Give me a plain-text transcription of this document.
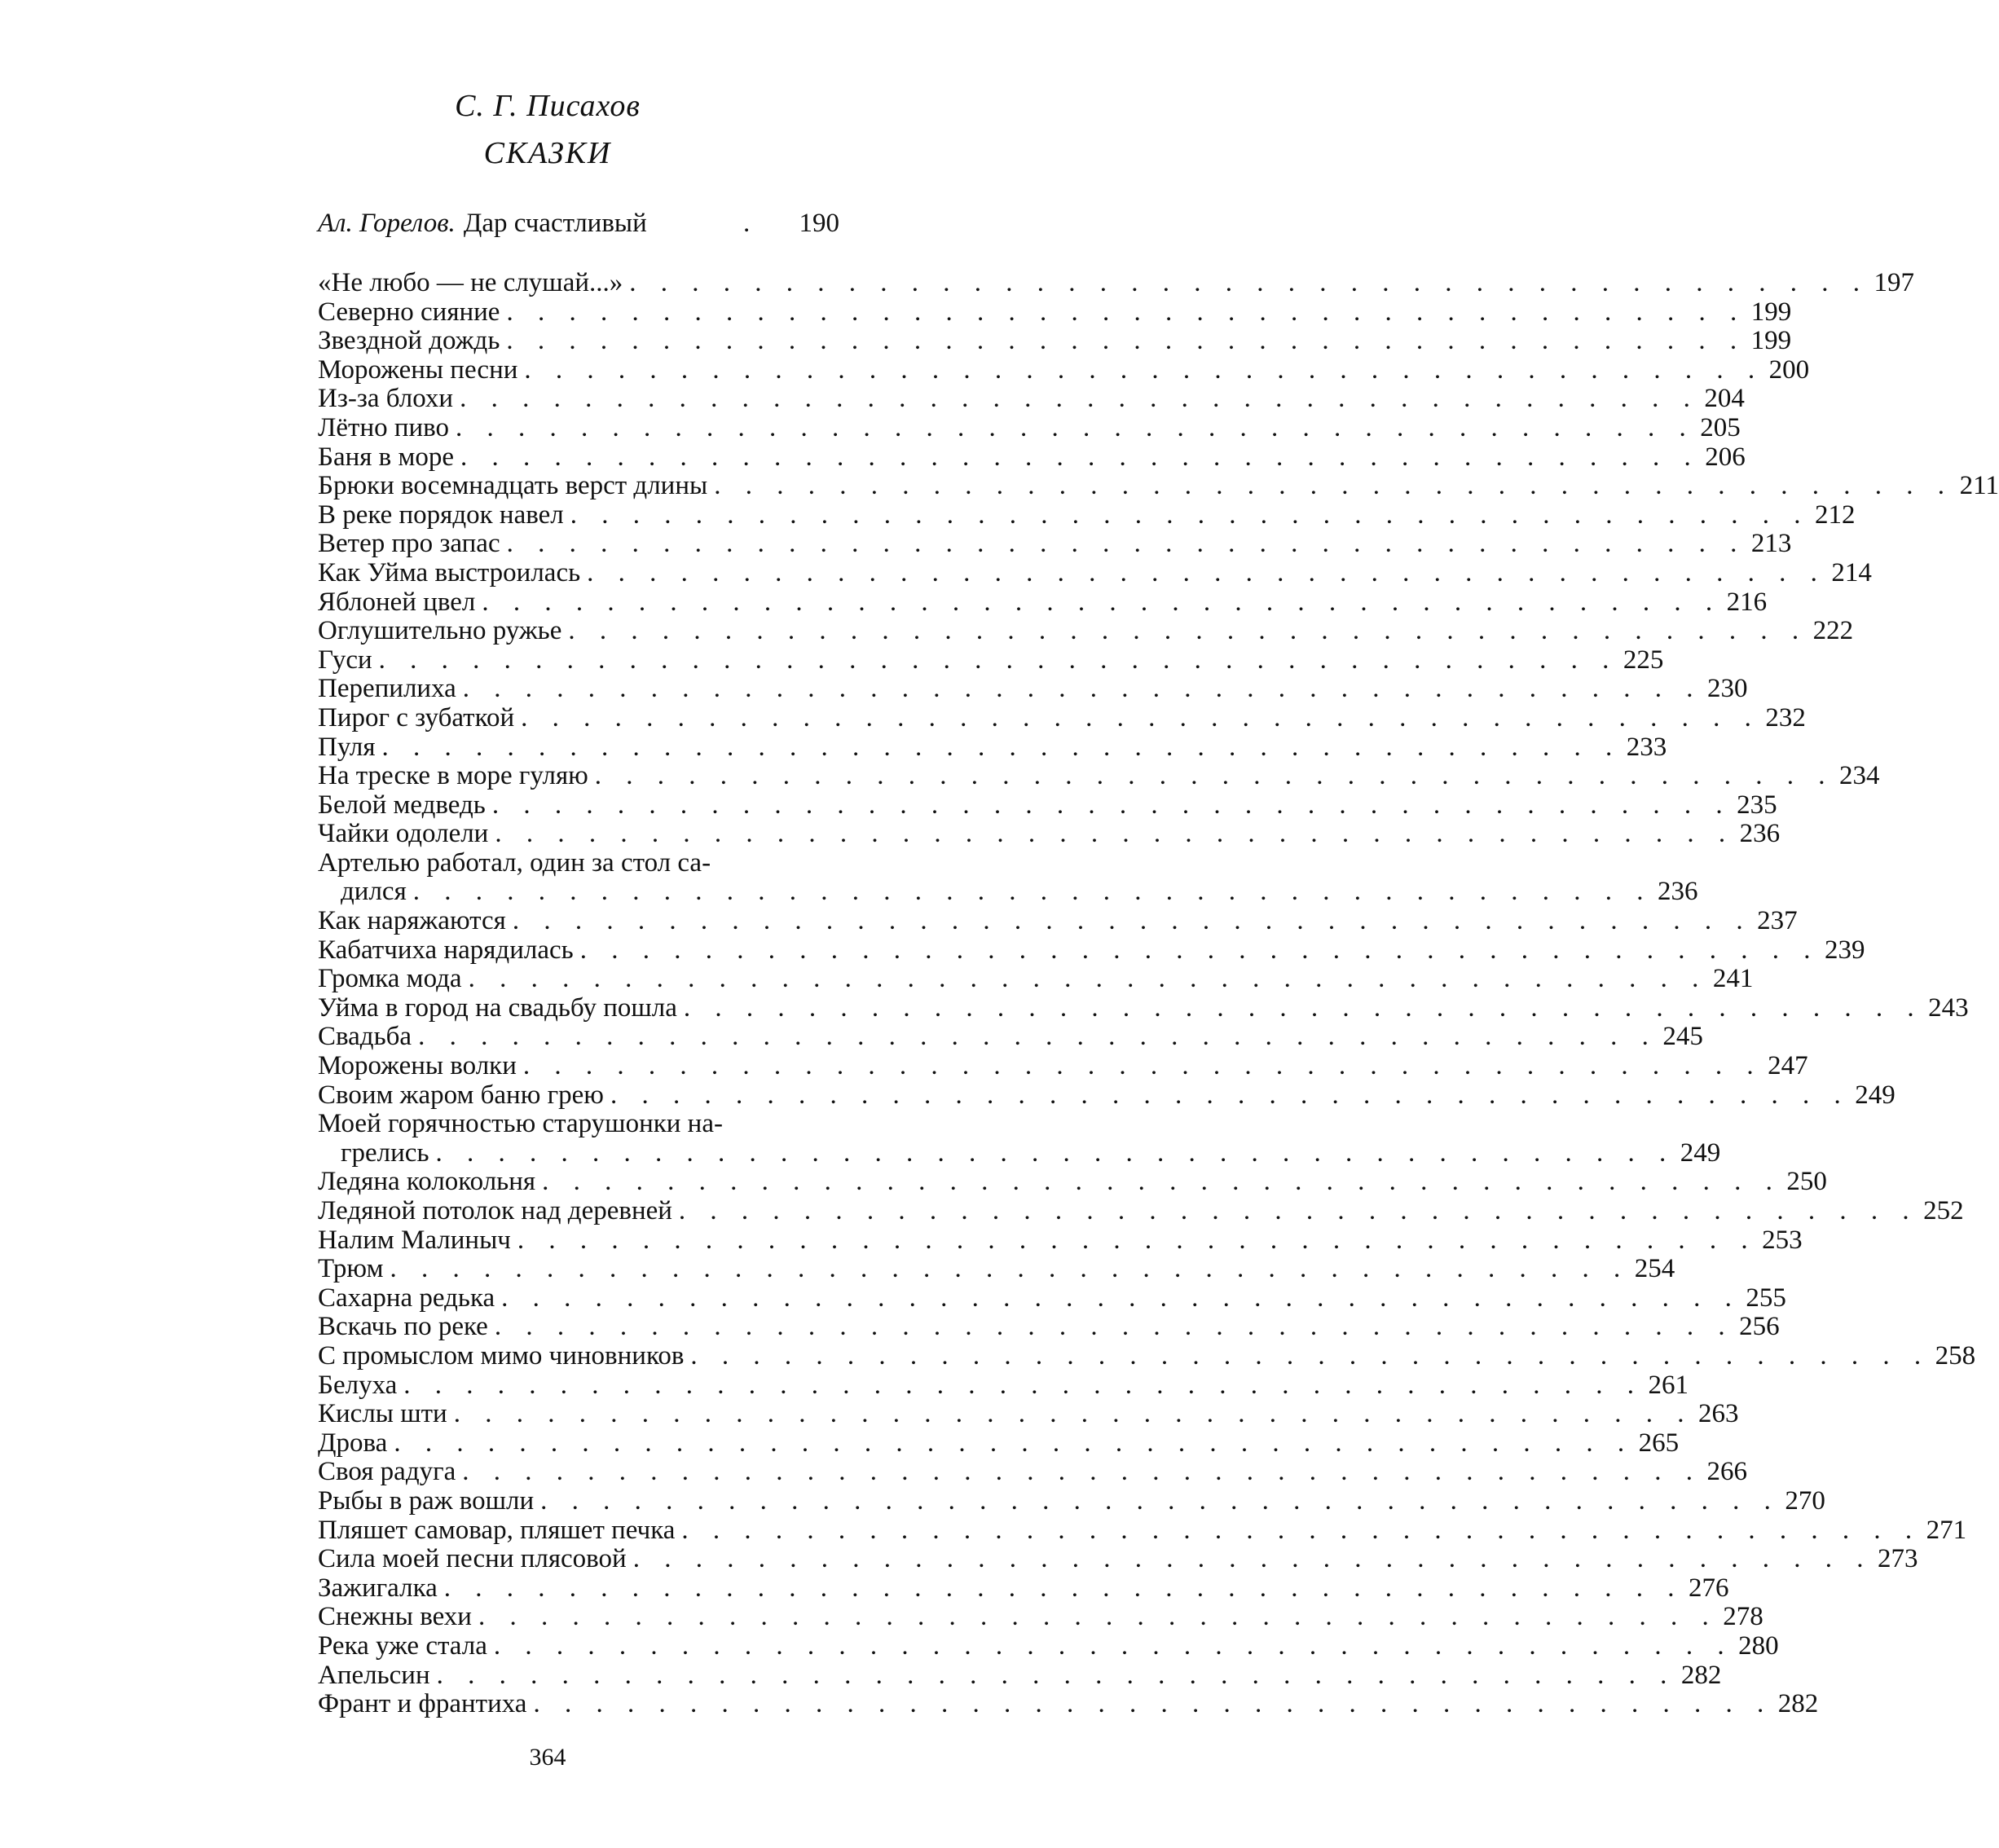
С. Г. Писахов
СКАЗКИ
Ал. Горелов. Дар счастливый	.	190
«Не любо — не слушай...» . . . . . . . . . . . . . . . . . . . . . . . . . . . . . . . . . . . . . . . . 197
Северно сияние . . . . . . . . . . . . . . . . . . . . . . . . . . . . . . . . . . . . . . . . 199
Звездной дождь . . . . . . . . . . . . . . . . . . . . . . . . . . . . . . . . . . . . . . . . 199
Морожены песни . . . . . . . . . . . . . . . . . . . . . . . . . . . . . . . . . . . . . . . . 200
Из-за блохи . . . . . . . . . . . . . . . . . . . . . . . . . . . . . . . . . . . . . . . . 204
Лётно пиво . . . . . . . . . . . . . . . . . . . . . . . . . . . . . . . . . . . . . . . . 205
Баня в море . . . . . . . . . . . . . . . . . . . . . . . . . . . . . . . . . . . . . . . . 206
Брюки восемнадцать верст длины . . . . . . . . . . . . . . . . . . . . . . . . . . . . . . . . . . . . . . . . 211
В реке порядок навел . . . . . . . . . . . . . . . . . . . . . . . . . . . . . . . . . . . . . . . . 212
Ветер про запас . . . . . . . . . . . . . . . . . . . . . . . . . . . . . . . . . . . . . . . . 213
Как Уйма выстроилась . . . . . . . . . . . . . . . . . . . . . . . . . . . . . . . . . . . . . . . . 214
Яблоней цвел . . . . . . . . . . . . . . . . . . . . . . . . . . . . . . . . . . . . . . . . 216
Оглушительно ружье . . . . . . . . . . . . . . . . . . . . . . . . . . . . . . . . . . . . . . . . 222
Гуси . . . . . . . . . . . . . . . . . . . . . . . . . . . . . . . . . . . . . . . . 225
Перепилиха . . . . . . . . . . . . . . . . . . . . . . . . . . . . . . . . . . . . . . . . 230
Пирог с зубаткой . . . . . . . . . . . . . . . . . . . . . . . . . . . . . . . . . . . . . . . . 232
Пуля . . . . . . . . . . . . . . . . . . . . . . . . . . . . . . . . . . . . . . . . 233
На треске в море гуляю . . . . . . . . . . . . . . . . . . . . . . . . . . . . . . . . . . . . . . . . 234
Белой медведь . . . . . . . . . . . . . . . . . . . . . . . . . . . . . . . . . . . . . . . . 235
Чайки одолели . . . . . . . . . . . . . . . . . . . . . . . . . . . . . . . . . . . . . . . . 236
Артелью работал, один за стол са-
дился . . . . . . . . . . . . . . . . . . . . . . . . . . . . . . . . . . . . . . . . 236
Как наряжаются . . . . . . . . . . . . . . . . . . . . . . . . . . . . . . . . . . . . . . . . 237
Кабатчиха нарядилась . . . . . . . . . . . . . . . . . . . . . . . . . . . . . . . . . . . . . . . . 239
Громка мода . . . . . . . . . . . . . . . . . . . . . . . . . . . . . . . . . . . . . . . . 241
Уйма в город на свадьбу пошла . . . . . . . . . . . . . . . . . . . . . . . . . . . . . . . . . . . . . . . . 243
Свадьба . . . . . . . . . . . . . . . . . . . . . . . . . . . . . . . . . . . . . . . . 245
Морожены волки . . . . . . . . . . . . . . . . . . . . . . . . . . . . . . . . . . . . . . . . 247
Своим жаром баню грею . . . . . . . . . . . . . . . . . . . . . . . . . . . . . . . . . . . . . . . . 249
Моей горячностью старушонки на-
грелись . . . . . . . . . . . . . . . . . . . . . . . . . . . . . . . . . . . . . . . . 249
Ледяна колокольня . . . . . . . . . . . . . . . . . . . . . . . . . . . . . . . . . . . . . . . . 250
Ледяной потолок над деревней . . . . . . . . . . . . . . . . . . . . . . . . . . . . . . . . . . . . . . . . 252
Налим Малиныч . . . . . . . . . . . . . . . . . . . . . . . . . . . . . . . . . . . . . . . . 253
Трюм . . . . . . . . . . . . . . . . . . . . . . . . . . . . . . . . . . . . . . . . 254
Сахарна редька . . . . . . . . . . . . . . . . . . . . . . . . . . . . . . . . . . . . . . . . 255
Вскачь по реке . . . . . . . . . . . . . . . . . . . . . . . . . . . . . . . . . . . . . . . . 256
С промыслом мимо чиновников . . . . . . . . . . . . . . . . . . . . . . . . . . . . . . . . . . . . . . . . 258
Белуха . . . . . . . . . . . . . . . . . . . . . . . . . . . . . . . . . . . . . . . . 261
Кислы шти . . . . . . . . . . . . . . . . . . . . . . . . . . . . . . . . . . . . . . . . 263
Дрова . . . . . . . . . . . . . . . . . . . . . . . . . . . . . . . . . . . . . . . . 265
Своя радуга . . . . . . . . . . . . . . . . . . . . . . . . . . . . . . . . . . . . . . . . 266
Рыбы в раж вошли . . . . . . . . . . . . . . . . . . . . . . . . . . . . . . . . . . . . . . . . 270
Пляшет самовар, пляшет печка . . . . . . . . . . . . . . . . . . . . . . . . . . . . . . . . . . . . . . . . 271
Сила моей песни плясовой . . . . . . . . . . . . . . . . . . . . . . . . . . . . . . . . . . . . . . . . 273
Зажигалка . . . . . . . . . . . . . . . . . . . . . . . . . . . . . . . . . . . . . . . . 276
Снежны вехи . . . . . . . . . . . . . . . . . . . . . . . . . . . . . . . . . . . . . . . . 278
Река уже стала . . . . . . . . . . . . . . . . . . . . . . . . . . . . . . . . . . . . . . . . 280
Апельсин . . . . . . . . . . . . . . . . . . . . . . . . . . . . . . . . . . . . . . . . 282
Франт и франтиха . . . . . . . . . . . . . . . . . . . . . . . . . . . . . . . . . . . . . . . . 282
364
